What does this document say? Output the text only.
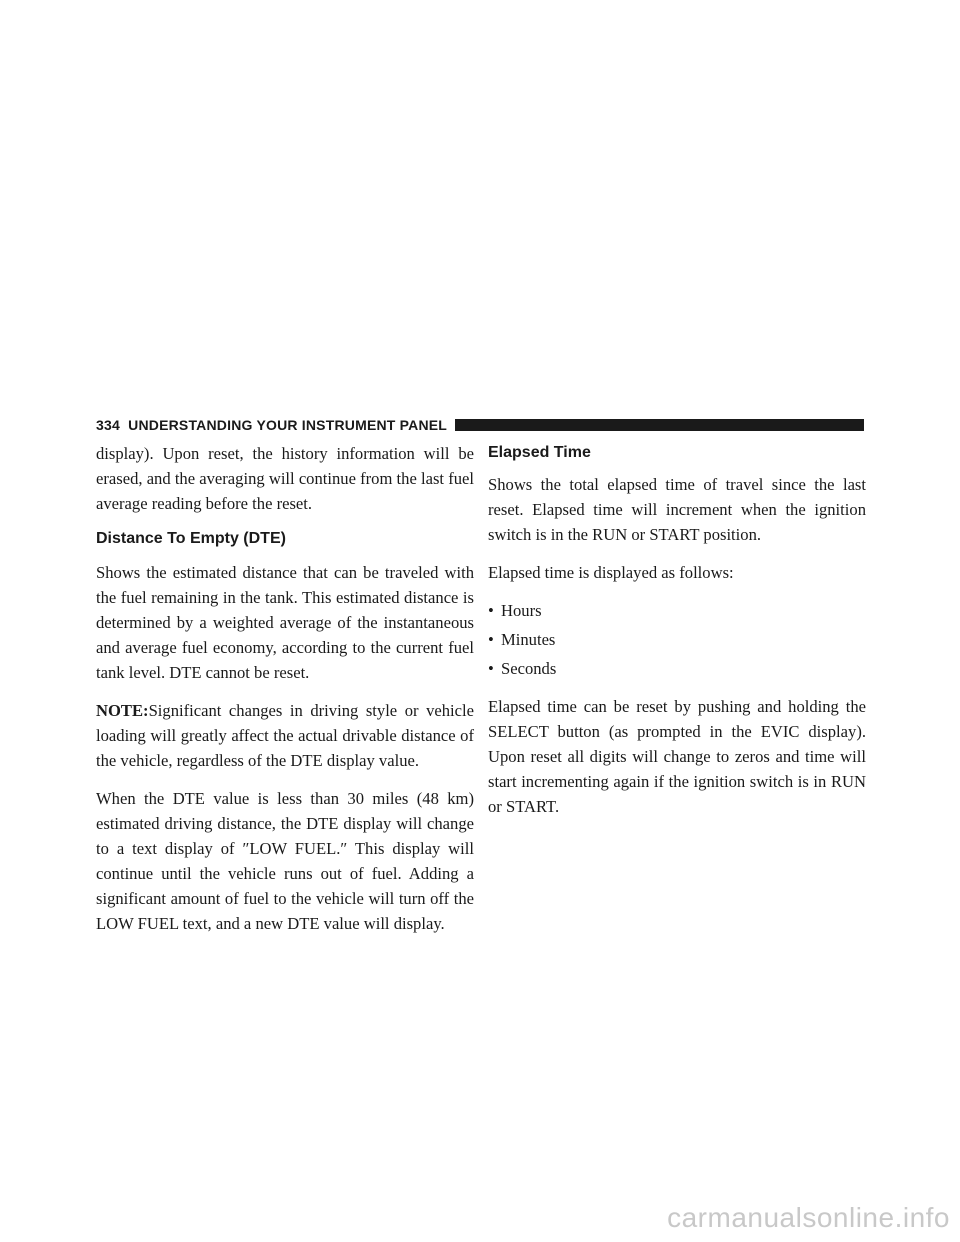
334 UNDERSTANDING YOUR INSTRUMENT PANEL

display). Upon reset, the history information will be erased, and the averaging will continue from the last fuel average reading before the reset.

Distance To Empty (DTE)

Shows the estimated distance that can be traveled with the fuel remaining in the tank. This estimated distance is determined by a weighted average of the instantaneous and average fuel economy, according to the current fuel tank level. DTE cannot be reset.

NOTE:Significant changes in driving style or vehicle loading will greatly affect the actual drivable distance of the vehicle, regardless of the DTE display value.

When the DTE value is less than 30 miles (48 km) estimated driving distance, the DTE display will change to a text display of ″LOW FUEL.″ This display will continue until the vehicle runs out of fuel. Adding a significant amount of fuel to the vehicle will turn off the LOW FUEL text, and a new DTE value will display.

Elapsed Time

Shows the total elapsed time of travel since the last reset. Elapsed time will increment when the ignition switch is in the RUN or START position.

Elapsed time is displayed as follows:

• Hours
• Minutes
• Seconds

Elapsed time can be reset by pushing and holding the SELECT button (as prompted in the EVIC display). Upon reset all digits will change to zeros and time will start incrementing again if the ignition switch is in RUN or START.

carmanualsonline.info
